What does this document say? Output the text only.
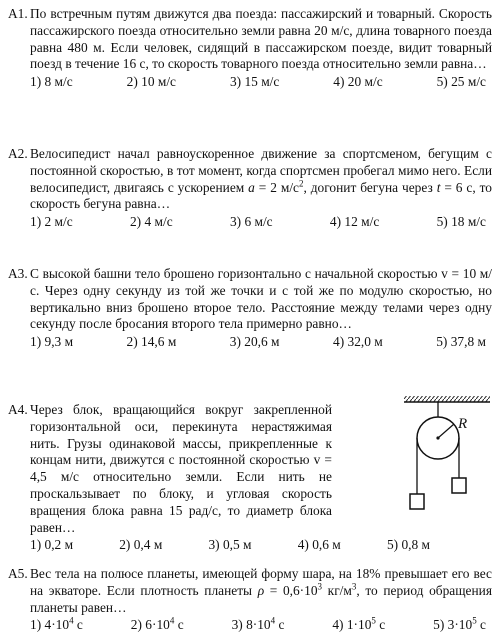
А1. По встречным путям движутся два поезда: пассажирский и товарный. Скорость пассажирского поезда относительно земли равна 20 м/с, длина товарного поезда равна 480 м. Если человек, сидящий в пассажирском поезде, видит товарный поезд в течение 16 с, то скорость товарного поезда относительно земли равна…
1) 8 м/с	2) 10 м/с	3) 15 м/с	4) 20 м/с	5) 25 м/с
А2. Велосипедист начал равноускоренное движение за спортсменом, бегущим с постоянной скоростью, в тот момент, когда спортсмен пробегал мимо него. Если велосипедист, двигаясь с ускорением a = 2 $м/с^2$, догонит бегуна через t = 6 с, то скорость бегуна равна…
1) 2 м/с	2) 4 м/с	3) 6 м/с	4) 12 м/с	5) 18 м/с
А3. С высокой башни тело брошено горизонтально с начальной скоростью v = 10 м/с. Через одну секунду из той же точки и с той же по модулю скоростью, но вертикально вниз брошено второе тело. Расстояние между телами через одну секунду после бросания второго тела примерно равно…
1) 9,3 м	2) 14,6 м	3) 20,6 м	4) 32,0 м	5) 37,8 м
А4. Через блок, вращающийся вокруг закрепленной горизонтальной оси, перекинута нерастяжимая нить. Грузы одинаковой массы, прикрепленные к концам нити, движутся с постоянной скоростью v = 4,5 м/с относительно земли. Если нить не проскальзывает по блоку, и угловая скорость вращения блока равна 15 рад/с, то диаметр блока равен…
1) 0,2 м	2) 0,4 м	3) 0,5 м	4) 0,6 м	5) 0,8 м
R
А5. Вес тела на полюсе планеты, имеющей форму шара, на 18% превышает его вес на экваторе. Если плотность планеты $\rho = 0,6\cdot 10^3$ $кг/м^3$, то период обращения планеты равен…
1) $4\cdot 10^4$ с	2) $6\cdot 10^4$ с	3) $8\cdot 10^4$ с	4) $1\cdot 10^5$ с	5) $3\cdot 10^5$ с
